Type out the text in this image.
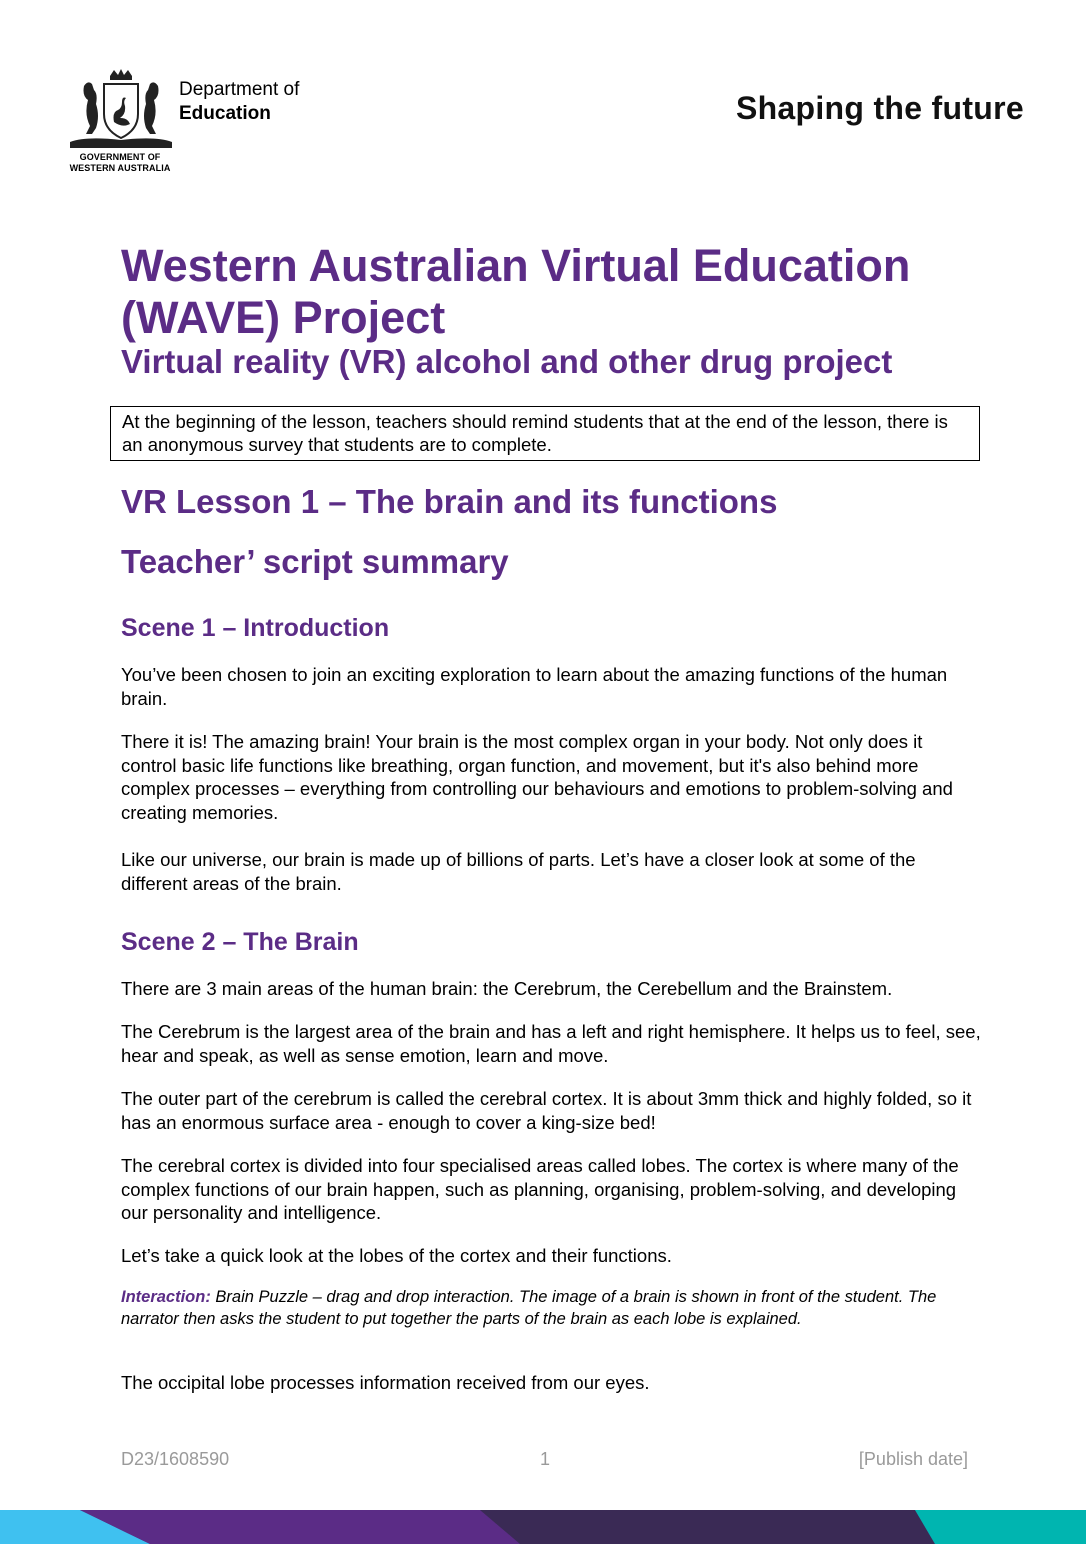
GOVERNMENT OF
WESTERN AUSTRALIA
Department of
Education	Shaping the future
Western Australian Virtual Education (WAVE) Project
Virtual reality (VR) alcohol and other drug project
At the beginning of the lesson, teachers should remind students that at the end of the lesson, there is an anonymous survey that students are to complete.
VR Lesson 1 – The brain and its functions
Teacher’ script summary
Scene 1 – Introduction
You’ve been chosen to join an exciting exploration to learn about the amazing functions of the human brain.
There it is! The amazing brain! Your brain is the most complex organ in your body. Not only does it control basic life functions like breathing, organ function, and movement, but it's also behind more complex processes – everything from controlling our behaviours and emotions to problem-solving and creating memories.
Like our universe, our brain is made up of billions of parts. Let’s have a closer look at some of the different areas of the brain.
Scene 2 – The Brain
There are 3 main areas of the human brain: the Cerebrum, the Cerebellum and the Brainstem.
The Cerebrum is the largest area of the brain and has a left and right hemisphere. It helps us to feel, see, hear and speak, as well as sense emotion, learn and move.
The outer part of the cerebrum is called the cerebral cortex. It is about 3mm thick and highly folded, so it has an enormous surface area - enough to cover a king-size bed!
The cerebral cortex is divided into four specialised areas called lobes. The cortex is where many of the complex functions of our brain happen, such as planning, organising, problem-solving, and developing our personality and intelligence.
Let’s take a quick look at the lobes of the cortex and their functions.
Interaction: Brain Puzzle – drag and drop interaction. The image of a brain is shown in front of the student. The narrator then asks the student to put together the parts of the brain as each lobe is explained.
The occipital lobe processes information received from our eyes.
D23/1608590	1	[Publish date]
